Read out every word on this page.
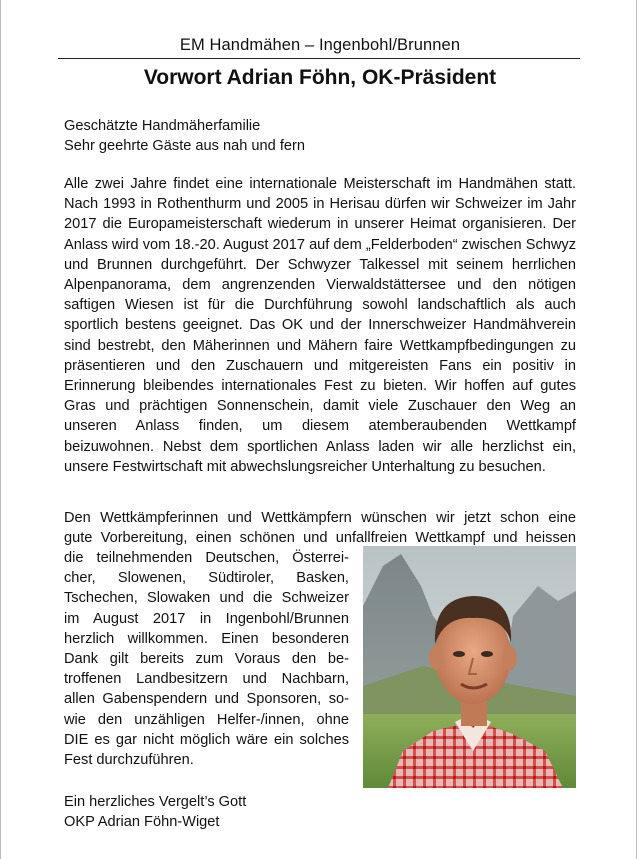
EM Handmähen – Ingenbohl/Brunnen
Vorwort Adrian Föhn, OK-Präsident
Geschätzte Handmäherfamilie
Sehr geehrte Gäste aus nah und fern

Alle zwei Jahre findet eine internationale Meisterschaft im Handmähen statt. Nach 1993 in Rothenthurm und 2005 in Herisau dürfen wir Schweizer im Jahr 2017 die Europameisterschaft wiederum in unserer Heimat organisieren. Der Anlass wird vom 18.-20. August 2017 auf dem „Felderboden“ zwischen Schwyz und Brunnen durchgeführt. Der Schwyzer Talkessel mit seinem herrlichen Alpenpanorama, dem angrenzenden Vierwaldstättersee und den nötigen saftigen Wiesen ist für die Durchführung sowohl landschaftlich als auch sportlich bestens geeignet. Das OK und der Innerschweizer Handmähverein sind bestrebt, den Mäherinnen und Mähern faire Wettkampfbedingungen zu präsentieren und den Zuschauern und mitgereisten Fans ein positiv in Erinnerung bleibendes internationales Fest zu bieten. Wir hoffen auf gutes Gras und prächtigen Sonnenschein, damit viele Zuschauer den Weg an unseren Anlass finden, um diesem atemberaubenden Wettkampf beizuwohnen. Nebst dem sportlichen Anlass laden wir alle herzlichst ein, unsere Festwirtschaft mit abwechslungsreicher Unterhaltung zu besuchen.

Den Wettkämpferinnen und Wettkämpfern wünschen wir jetzt schon eine
gute Vorbereitung, einen schönen und unfallfreien Wettkampf und heissen
die teilnehmenden Deutschen, Österrei-
cher, Slowenen, Südtiroler, Basken,
Tschechen, Slowaken und die Schweizer
im August 2017 in Ingenbohl/Brunnen
herzlich willkommen. Einen besonderen
Dank gilt bereits zum Voraus den be-
troffenen Landbesitzern und Nachbarn,
allen Gabenspendern und Sponsoren, so-
wie den unzähligen Helfer-/innen, ohne
DIE es gar nicht möglich wäre ein solches
Fest durchzuführen.
Ein herzliches Vergelt’s Gott
OKP Adrian Föhn-Wiget
